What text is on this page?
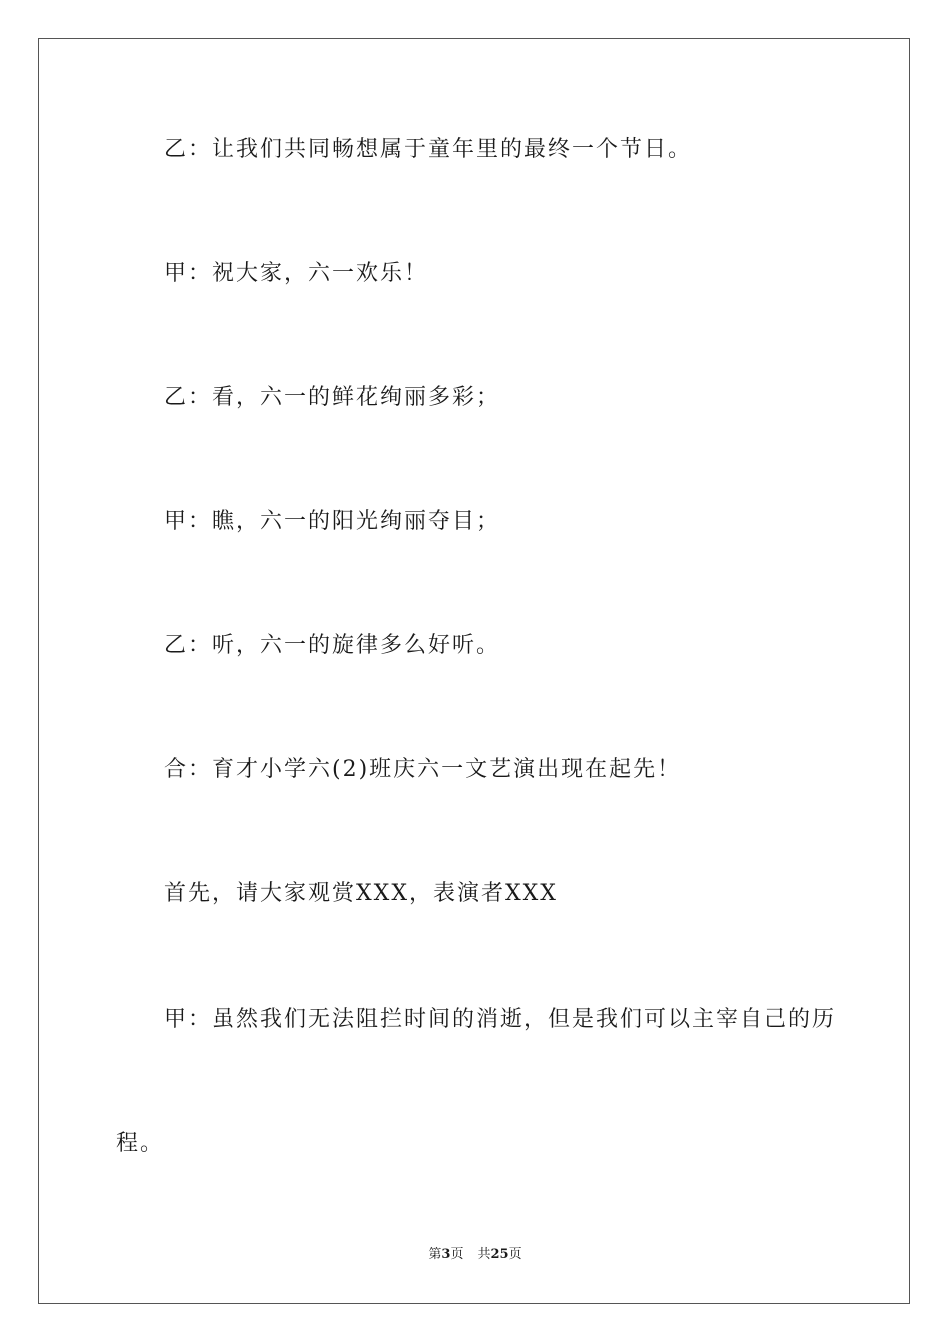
乙：让我们共同畅想属于童年里的最终一个节日。
甲：祝大家，六一欢乐！
乙：看，六一的鲜花绚丽多彩；
甲：瞧，六一的阳光绚丽夺目；
乙：听，六一的旋律多么好听。
合：育才小学六(2)班庆六一文艺演出现在起先！
首先，请大家观赏XXX，表演者XXX
甲：虽然我们无法阻拦时间的消逝，但是我们可以主宰自己的历
程。
第3页 共25页
